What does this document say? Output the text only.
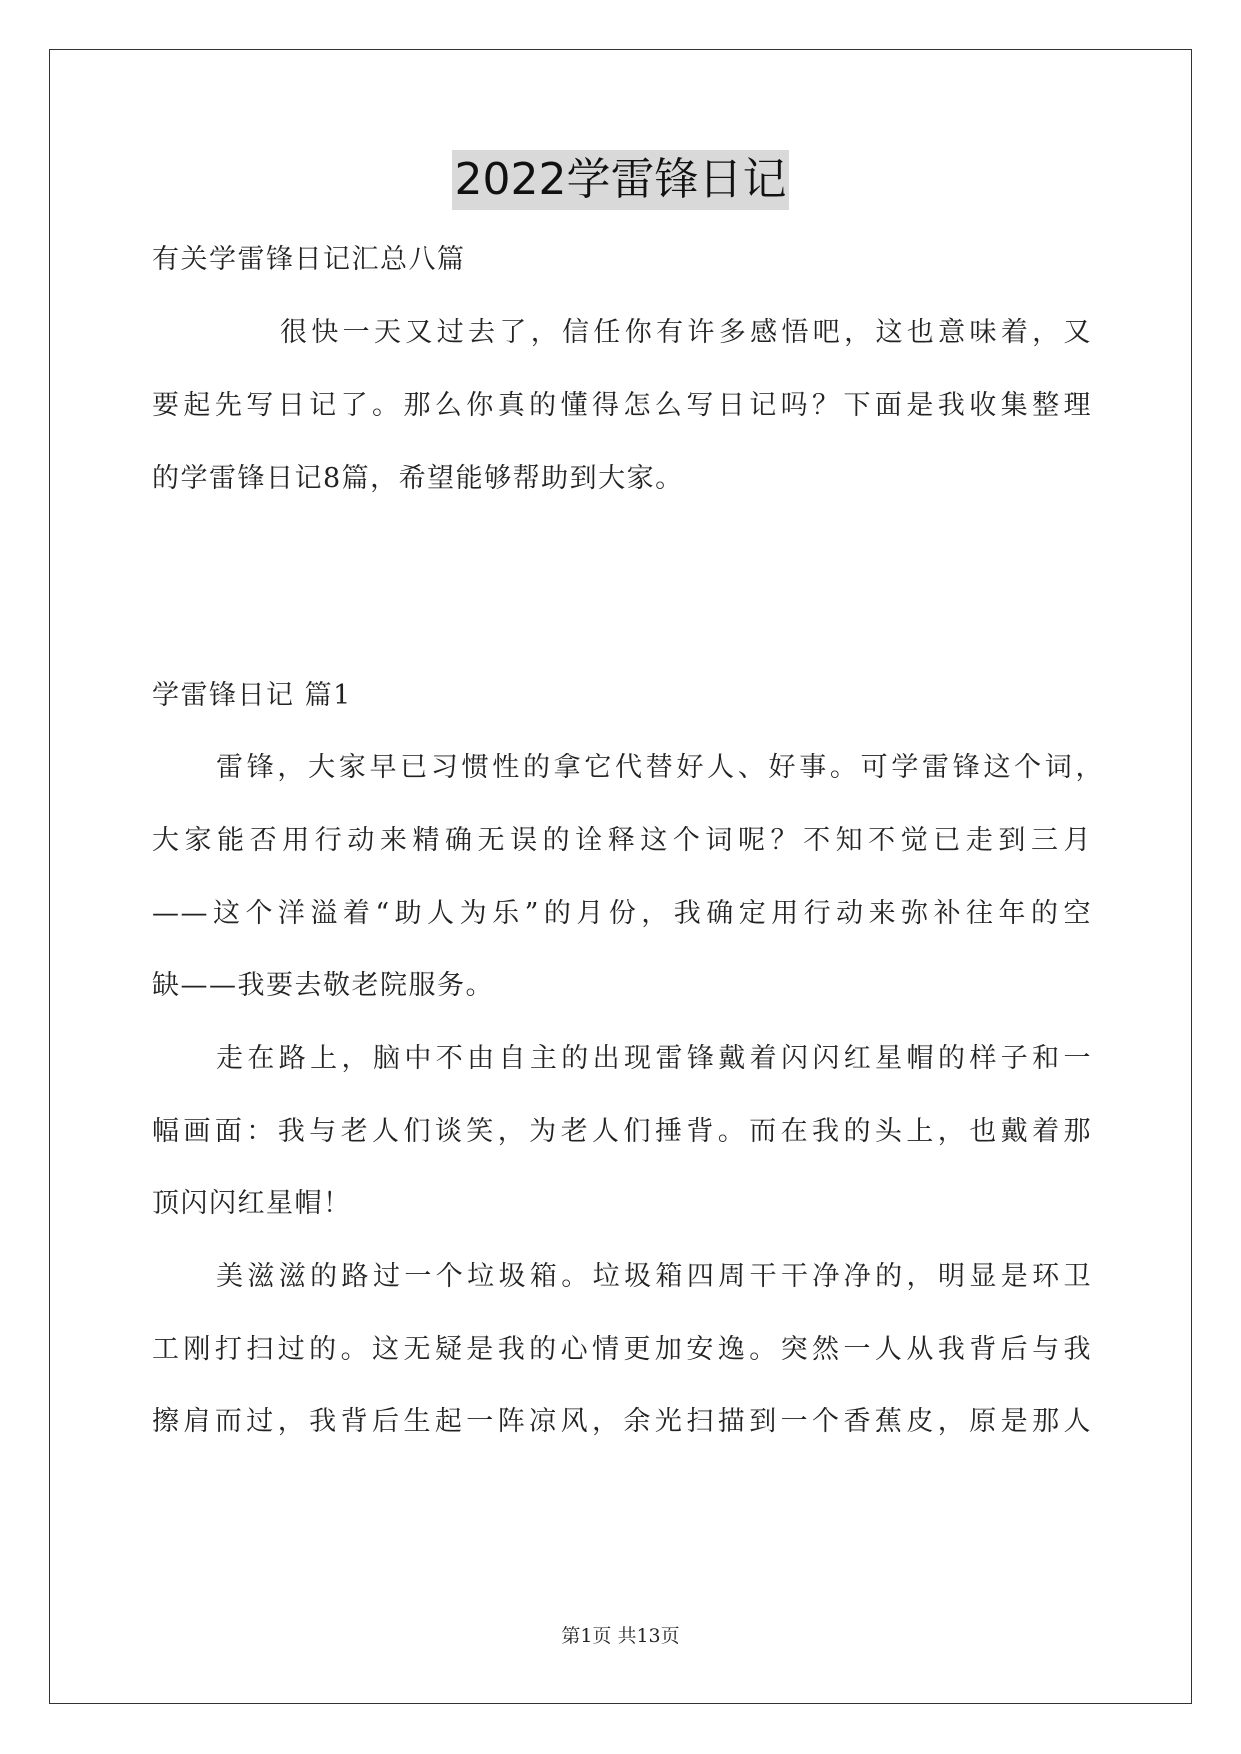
2022学雷锋日记
有关学雷锋日记汇总八篇
很快一天又过去了，信任你有许多感悟吧，这也意味着，又
要起先写日记了。那么你真的懂得怎么写日记吗？下面是我收集整理
的学雷锋日记8篇，希望能够帮助到大家。
学雷锋日记 篇1
雷锋，大家早已习惯性的拿它代替好人、好事。可学雷锋这个词，
大家能否用行动来精确无误的诠释这个词呢？不知不觉已走到三月
——这个洋溢着“助人为乐”的月份，我确定用行动来弥补往年的空
缺——我要去敬老院服务。
走在路上，脑中不由自主的出现雷锋戴着闪闪红星帽的样子和一
幅画面：我与老人们谈笑，为老人们捶背。而在我的头上，也戴着那
顶闪闪红星帽！
美滋滋的路过一个垃圾箱。垃圾箱四周干干净净的，明显是环卫
工刚打扫过的。这无疑是我的心情更加安逸。突然一人从我背后与我
擦肩而过，我背后生起一阵凉风，余光扫描到一个香蕉皮，原是那人
第1页 共13页
